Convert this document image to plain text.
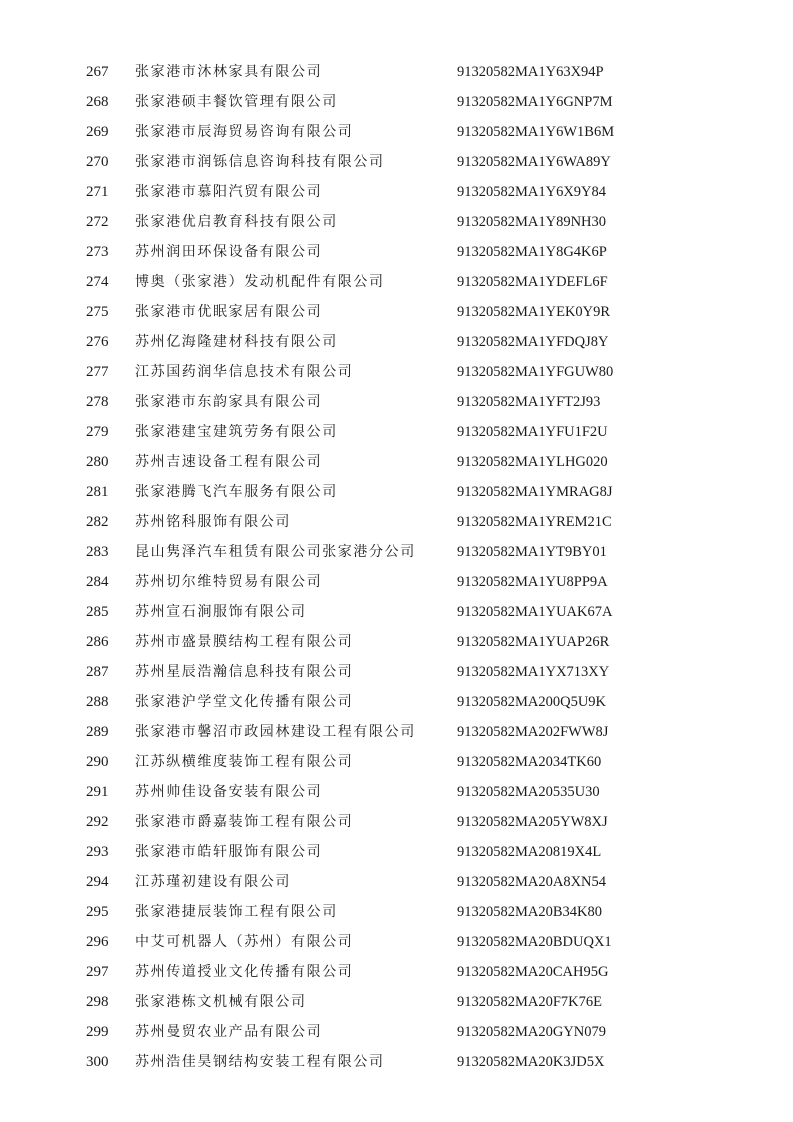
267 张家港市沐林家具有限公司	91320582MA1Y63X94P
268 张家港硕丰餐饮管理有限公司	91320582MA1Y6GNP7M
269 张家港市辰海贸易咨询有限公司	91320582MA1Y6W1B6M
270 张家港市润铄信息咨询科技有限公司	91320582MA1Y6WA89Y
271 张家港市慕阳汽贸有限公司	91320582MA1Y6X9Y84
272 张家港优启教育科技有限公司	91320582MA1Y89NH30
273 苏州润田环保设备有限公司	91320582MA1Y8G4K6P
274 博奥（张家港）发动机配件有限公司	91320582MA1YDEFL6F
275 张家港市优眠家居有限公司	91320582MA1YEK0Y9R
276 苏州亿海隆建材科技有限公司	91320582MA1YFDQJ8Y
277 江苏国药润华信息技术有限公司	91320582MA1YFGUW80
278 张家港市东韵家具有限公司	91320582MA1YFT2J93
279 张家港建宝建筑劳务有限公司	91320582MA1YFU1F2U
280 苏州吉速设备工程有限公司	91320582MA1YLHG020
281 张家港腾飞汽车服务有限公司	91320582MA1YMRAG8J
282 苏州铭科服饰有限公司	91320582MA1YREM21C
283 昆山隽泽汽车租赁有限公司张家港分公司	91320582MA1YT9BY01
284 苏州切尔维特贸易有限公司	91320582MA1YU8PP9A
285 苏州宣石涧服饰有限公司	91320582MA1YUAK67A
286 苏州市盛景膜结构工程有限公司	91320582MA1YUAP26R
287 苏州星辰浩瀚信息科技有限公司	91320582MA1YX713XY
288 张家港沪学堂文化传播有限公司	91320582MA200Q5U9K
289 张家港市馨沼市政园林建设工程有限公司	91320582MA202FWW8J
290 江苏纵横维度装饰工程有限公司	91320582MA2034TK60
291 苏州帅佳设备安装有限公司	91320582MA20535U30
292 张家港市爵嘉装饰工程有限公司	91320582MA205YW8XJ
293 张家港市皓轩服饰有限公司	91320582MA20819X4L
294 江苏瑾初建设有限公司	91320582MA20A8XN54
295 张家港捷辰装饰工程有限公司	91320582MA20B34K80
296 中艾可机器人（苏州）有限公司	91320582MA20BDUQX1
297 苏州传道授业文化传播有限公司	91320582MA20CAH95G
298 张家港栋文机械有限公司	91320582MA20F7K76E
299 苏州曼贸农业产品有限公司	91320582MA20GYN079
300 苏州浩佳昊钢结构安装工程有限公司	91320582MA20K3JD5X
